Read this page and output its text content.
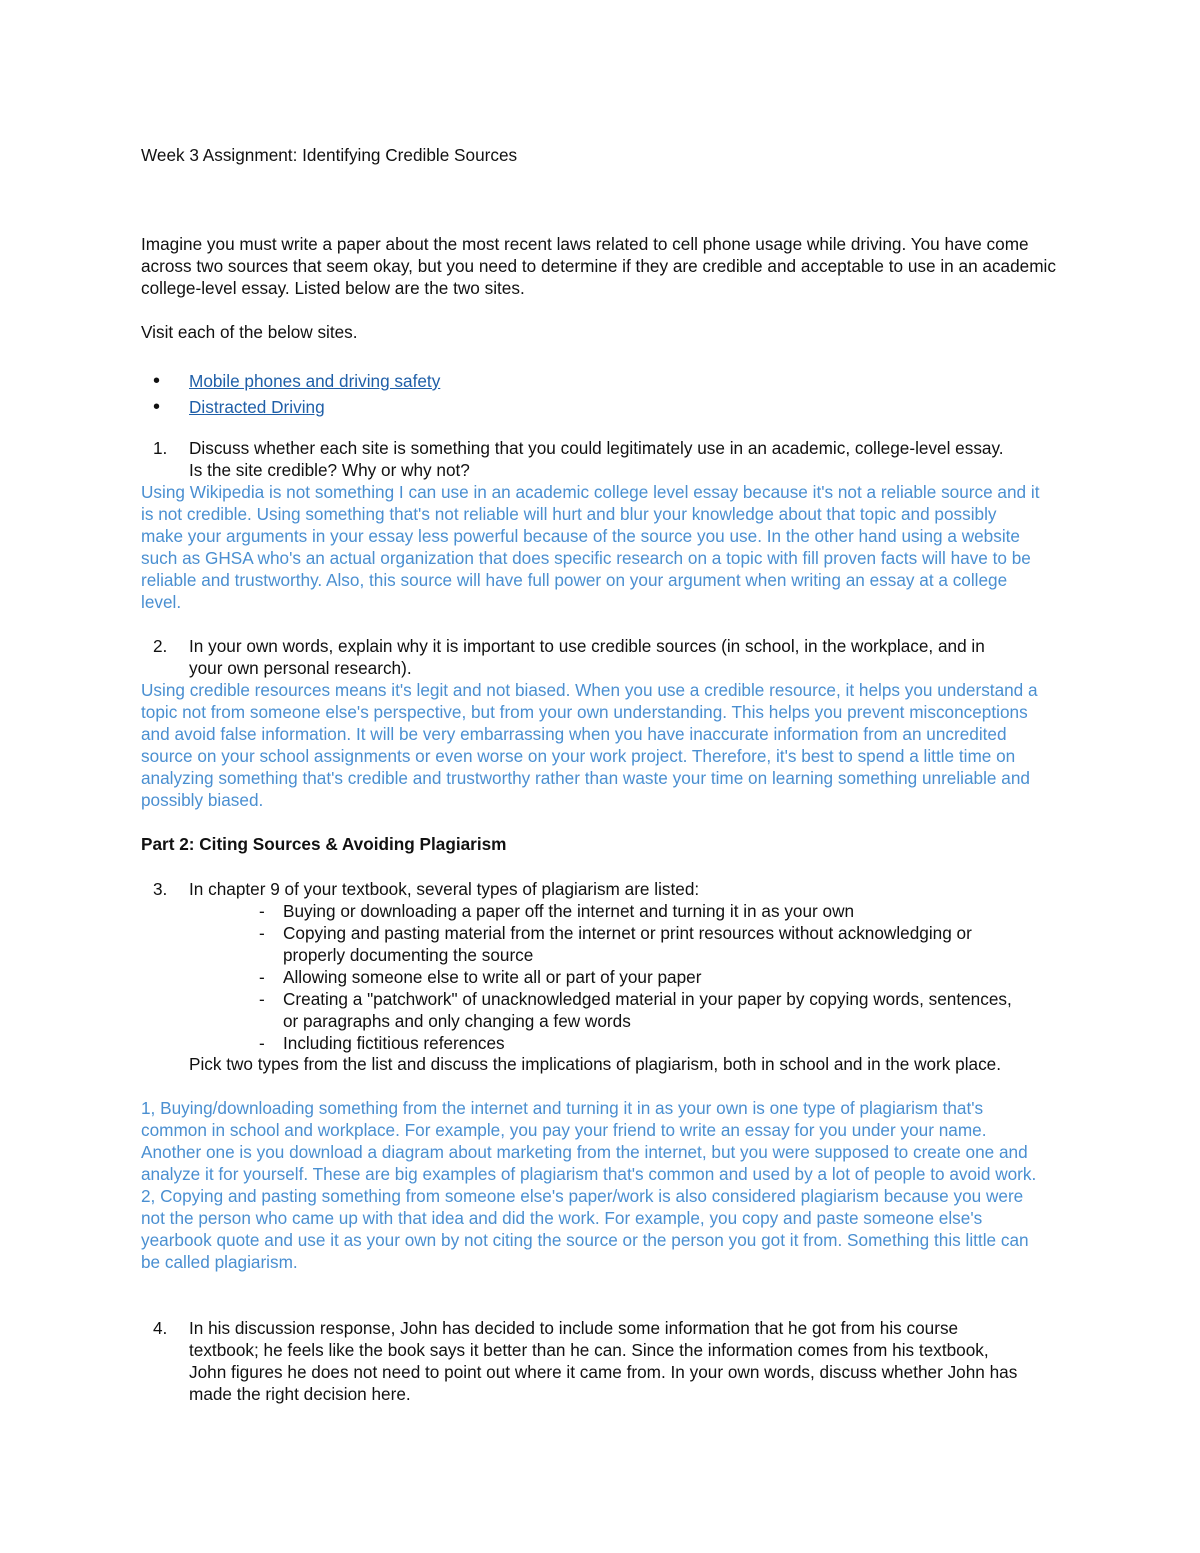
Week 3 Assignment: Identifying Credible Sources
Imagine you must write a paper about the most recent laws related to cell phone usage while driving. You have come across two sources that seem okay, but you need to determine if they are credible and acceptable to use in an academic college-level essay. Listed below are the two sites.
Visit each of the below sites.
• Mobile phones and driving safety
• Distracted Driving
1.	Discuss whether each site is something that you could legitimately use in an academic, college-level essay. Is the site credible? Why or why not?
Using Wikipedia is not something I can use in an academic college level essay because it's not a reliable source and it is not credible. Using something that's not reliable will hurt and blur your knowledge about that topic and possibly make your arguments in your essay less powerful because of the source you use. In the other hand using a website such as GHSA who's an actual organization that does specific research on a topic with fill proven facts will have to be reliable and trustworthy. Also, this source will have full power on your argument when writing an essay at a college level.
2.	In your own words, explain why it is important to use credible sources (in school, in the workplace, and in your own personal research).
Using credible resources means it's legit and not biased. When you use a credible resource, it helps you understand a topic not from someone else's perspective, but from your own understanding. This helps you prevent misconceptions and avoid false information. It will be very embarrassing when you have inaccurate information from an uncredited source on your school assignments or even worse on your work project. Therefore, it's best to spend a little time on analyzing something that's credible and trustworthy rather than waste your time on learning something unreliable and possibly biased.
Part 2: Citing Sources & Avoiding Plagiarism
3.	In chapter 9 of your textbook, several types of plagiarism are listed:
- Buying or downloading a paper off the internet and turning it in as your own
- Copying and pasting material from the internet or print resources without acknowledging or properly documenting the source
- Allowing someone else to write all or part of your paper
- Creating a "patchwork" of unacknowledged material in your paper by copying words, sentences, or paragraphs and only changing a few words
- Including fictitious references
Pick two types from the list and discuss the implications of plagiarism, both in school and in the work place.
1, Buying/downloading something from the internet and turning it in as your own is one type of plagiarism that's common in school and workplace. For example, you pay your friend to write an essay for you under your name. Another one is you download a diagram about marketing from the internet, but you were supposed to create one and analyze it for yourself. These are big examples of plagiarism that's common and used by a lot of people to avoid work.
2, Copying and pasting something from someone else's paper/work is also considered plagiarism because you were not the person who came up with that idea and did the work. For example, you copy and paste someone else's yearbook quote and use it as your own by not citing the source or the person you got it from. Something this little can be called plagiarism.
4.	In his discussion response, John has decided to include some information that he got from his course textbook; he feels like the book says it better than he can. Since the information comes from his textbook, John figures he does not need to point out where it came from. In your own words, discuss whether John has made the right decision here.
